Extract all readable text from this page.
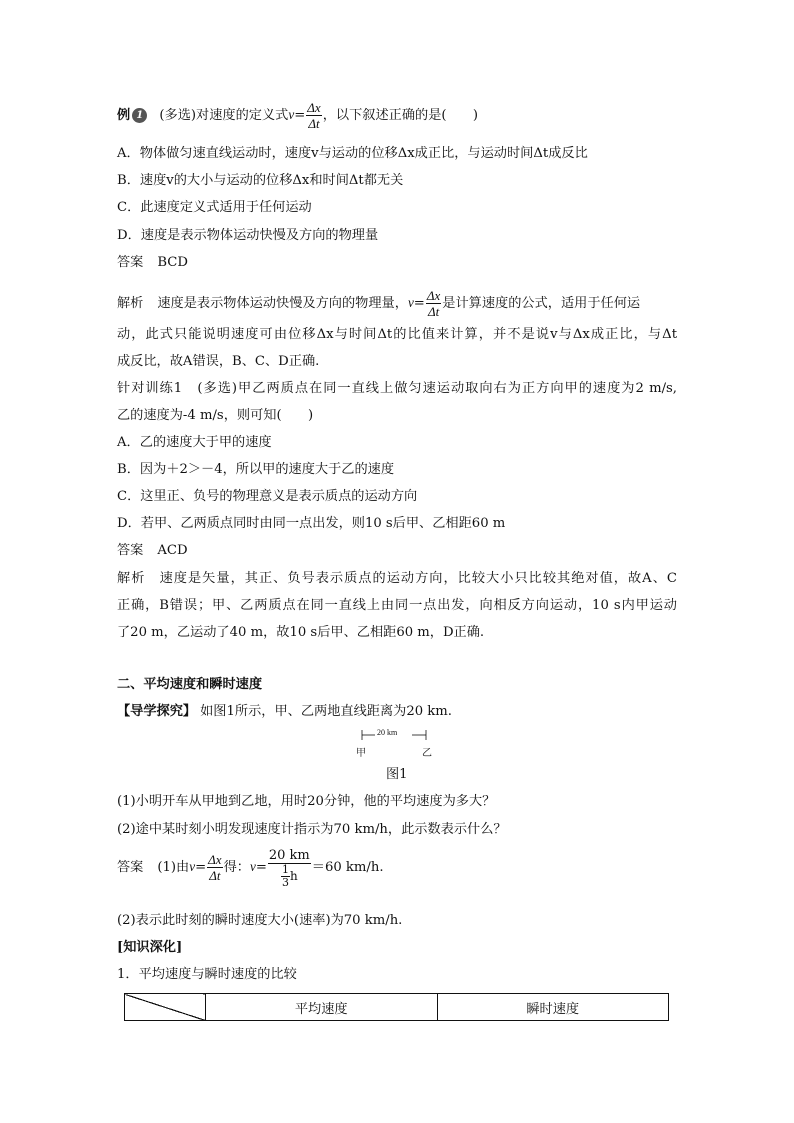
例 1 (多选)对速度的定义式$v= \frac{\Delta x}{\Delta t}$ ，以下叙述正确的是(　　)
A．物体做匀速直线运动时，速度v与运动的位移Δx成正比，与运动时间Δt成反比
B．速度v的大小与运动的位移Δx和时间Δt都无关
C．此速度定义式适用于任何运动
D．速度是表示物体运动快慢及方向的物理量
答案 BCD
解析 速度是表示物体运动快慢及方向的物理量，$v= \frac{\Delta x}{\Delta t}$ 是计算速度的公式，适用于任何运
动，此式只能说明速度可由位移Δx与时间Δt的比值来计算，并不是说v与Δx成正比，与Δt
成反比，故A错误，B、C、D正确.
针对训练1　(多选)甲乙两质点在同一直线上做匀速运动取向右为正方向甲的速度为2 m/s,
乙的速度为-4 m/s，则可知(　　)
A．乙的速度大于甲的速度
B．因为＋2＞－4，所以甲的速度大于乙的速度
C．这里正、负号的物理意义是表示质点的运动方向
D．若甲、乙两质点同时由同一点出发，则10 s后甲、乙相距60 m
答案 ACD
解析　 速度是矢量，其正、负号表示质点的运动方向，比较大小只比较其绝对值，故A、C
正确，B错误；甲、乙两质点在同一直线上由同一点出发，向相反方向运动，10 s内甲运动
了20 m，乙运动了40 m，故10 s后甲、乙相距60 m，D正确.
二、平均速度和瞬时速度
【导学探究】 如图1所示，甲、乙两地直线距离为20 km.
20 km
甲	乙
图1
(1)小明开车从甲地到乙地，用时20分钟，他的平均速度为多大？
(2)途中某时刻小明发现速度计指示为70 km/h，此示数表示什么？
答案 (1)由$v= \frac{\Delta x}{\Delta t}$ 得：$v= \frac{20 km}{\frac{1}{3} h} =60$ km/h.
(2)表示此时刻的瞬时速度大小(速率)为70 km/h.
[知识深化]
1．平均速度与瞬时速度的比较
	平均速度	瞬时速度
